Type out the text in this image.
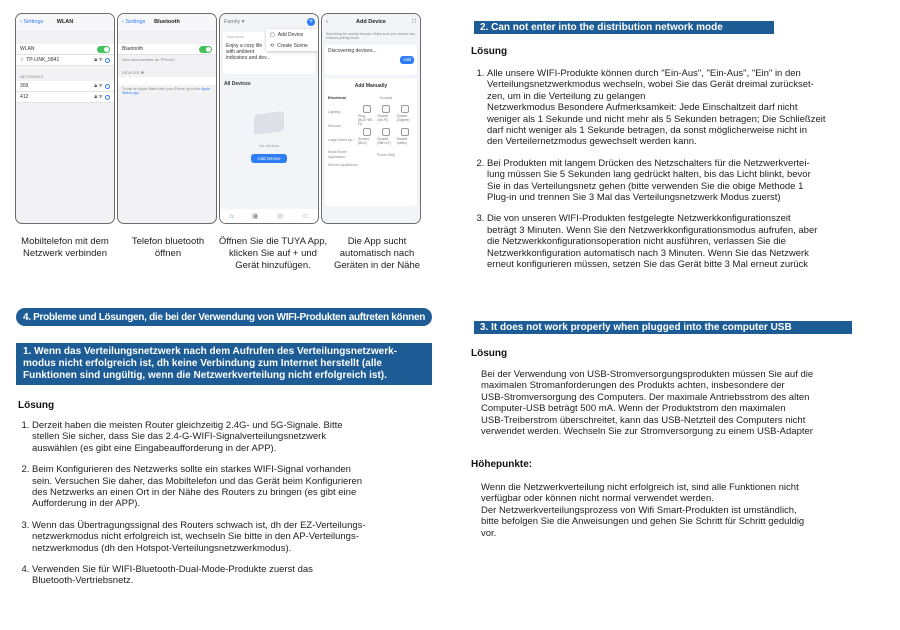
‹ Settings	WLAN
WLAN
✓ TP-LINK_5841	🔒︎ ᯤ
NETWORKS
309	🔒︎ ᯤ
412	🔒︎ ᯤ
‹ Settings	Bluetooth
Bluetooth
Now discoverable as "iPhone".
DEVICES ✺
To pair an Apple Watch with your iPhone, go to the Apple Watch app.
Family ▾	+
Tuya Home
Enjoy a cozy life
with ambient
indicators and dev...
▢ Add Device
⟲ Create Scene
All Devices
No devices
Add Device
⌂	▣	◎	☺
‹	Add Device	⛶
Searching for nearby devices. Make sure your device has entered pairing mode.
Discovering devices...
Add
Add Manually
Electrical	Socket
Lighting
Sensors
Large Home Ap...
Small Home Appliances
Kitchen Appliances
Plug (BLE+Wi-Fi)
Socket (Wi-Fi)
Socket (Zigbee)
Socket (BLE)
Socket (NB-IoT)
Socket (other)
Power Strip
Mobiltelefon mit dem
Netzwerk verbinden
Telefon bluetooth
öffnen
Öffnen Sie die TUYA App,
klicken Sie auf + und
Gerät hinzufügen.
Die App sucht
automatisch nach
Geräten in der Nähe
4. Probleme und Lösungen, die bei der Verwendung von WIFI-Produkten auftreten können
1. Wenn das Verteilungsnetzwerk nach dem Aufrufen des Verteilungsnetzwerk-
modus nicht erfolgreich ist, dh keine Verbindung zum Internet herstellt (alle
Funktionen sind ungültig, wenn die Netzwerkverteilung nicht erfolgreich ist).
Lösung
1. Derzeit haben die meisten Router gleichzeitig 2.4G- und 5G-Signale. Bitte
stellen Sie sicher, dass Sie das 2.4-G-WIFI-Signalverteilungsnetzwerk
auswählen (es gibt eine Eingabeaufforderung in der APP).
2. Beim Konfigurieren des Netzwerks sollte ein starkes WIFI-Signal vorhanden
sein. Versuchen Sie daher, das Mobiltelefon und das Gerät beim Konfigurieren
des Netzwerks an einen Ort in der Nähe des Routers zu bringen (es gibt eine
Aufforderung in der APP).
3. Wenn das Übertragungssignal des Routers schwach ist, dh der EZ-Verteilungs-
netzwerkmodus nicht erfolgreich ist, wechseln Sie bitte in den AP-Verteilungs-
netzwerkmodus (dh den Hotspot-Verteilungsnetzwerkmodus).
4. Verwenden Sie für WIFI-Bluetooth-Dual-Mode-Produkte zuerst das
Bluetooth-Vertriebsnetz.
2. Can not enter into the distribution network mode
Lösung
1. Alle unsere WIFI-Produkte können durch "Ein-Aus", "Ein-Aus", "Ein" in den
Verteilungsnetzwerkmodus wechseln, wobei Sie das Gerät dreimal zurückset-
zen, um in die Verteilung zu gelangen
Netzwerkmodus Besondere Aufmerksamkeit: Jede Einschaltzeit darf nicht
weniger als 1 Sekunde und nicht mehr als 5 Sekunden betragen; Die Schließzeit
darf nicht weniger als 1 Sekunde betragen, da sonst möglicherweise nicht in
den Verteilernetzmodus gewechselt werden kann.
2. Bei Produkten mit langem Drücken des Netzschalters für die Netzwerkvertei-
lung müssen Sie 5 Sekunden lang gedrückt halten, bis das Licht blinkt, bevor
Sie in das Verteilungsnetz gehen (bitte verwenden Sie die obige Methode 1
Plug-in und trennen Sie 3 Mal das Verteilungsnetzwerk Modus zuerst)
3. Die von unseren WIFI-Produkten festgelegte Netzwerkkonfigurationszeit
beträgt 3 Minuten. Wenn Sie den Netzwerkkonfigurationsmodus aufrufen, aber
die Netzwerkkonfigurationsoperation nicht ausführen, verlassen Sie die
Netzwerkkonfiguration automatisch nach 3 Minuten. Wenn Sie das Netzwerk
erneut konfigurieren müssen, setzen Sie das Gerät bitte 3 Mal erneut zurück
3. It does not work properly when plugged into the computer USB
Lösung
Bei der Verwendung von USB-Stromversorgungsprodukten müssen Sie auf die
maximalen Stromanforderungen des Produkts achten, insbesondere der
USB-Stromversorgung des Computers. Der maximale Antriebsstrom des alten
Computer-USB beträgt 500 mA. Wenn der Produktstrom den maximalen
USB-Treiberstrom überschreitet, kann das USB-Netzteil des Computers nicht
verwendet werden. Wechseln Sie zur Stromversorgung zu einem USB-Adapter
Höhepunkte:
Wenn die Netzwerkverteilung nicht erfolgreich ist, sind alle Funktionen nicht
verfügbar oder können nicht normal verwendet werden.
Der Netzwerkverteilungsprozess von Wifi Smart-Produkten ist umständlich,
bitte befolgen Sie die Anweisungen und gehen Sie Schritt für Schritt geduldig
vor.
